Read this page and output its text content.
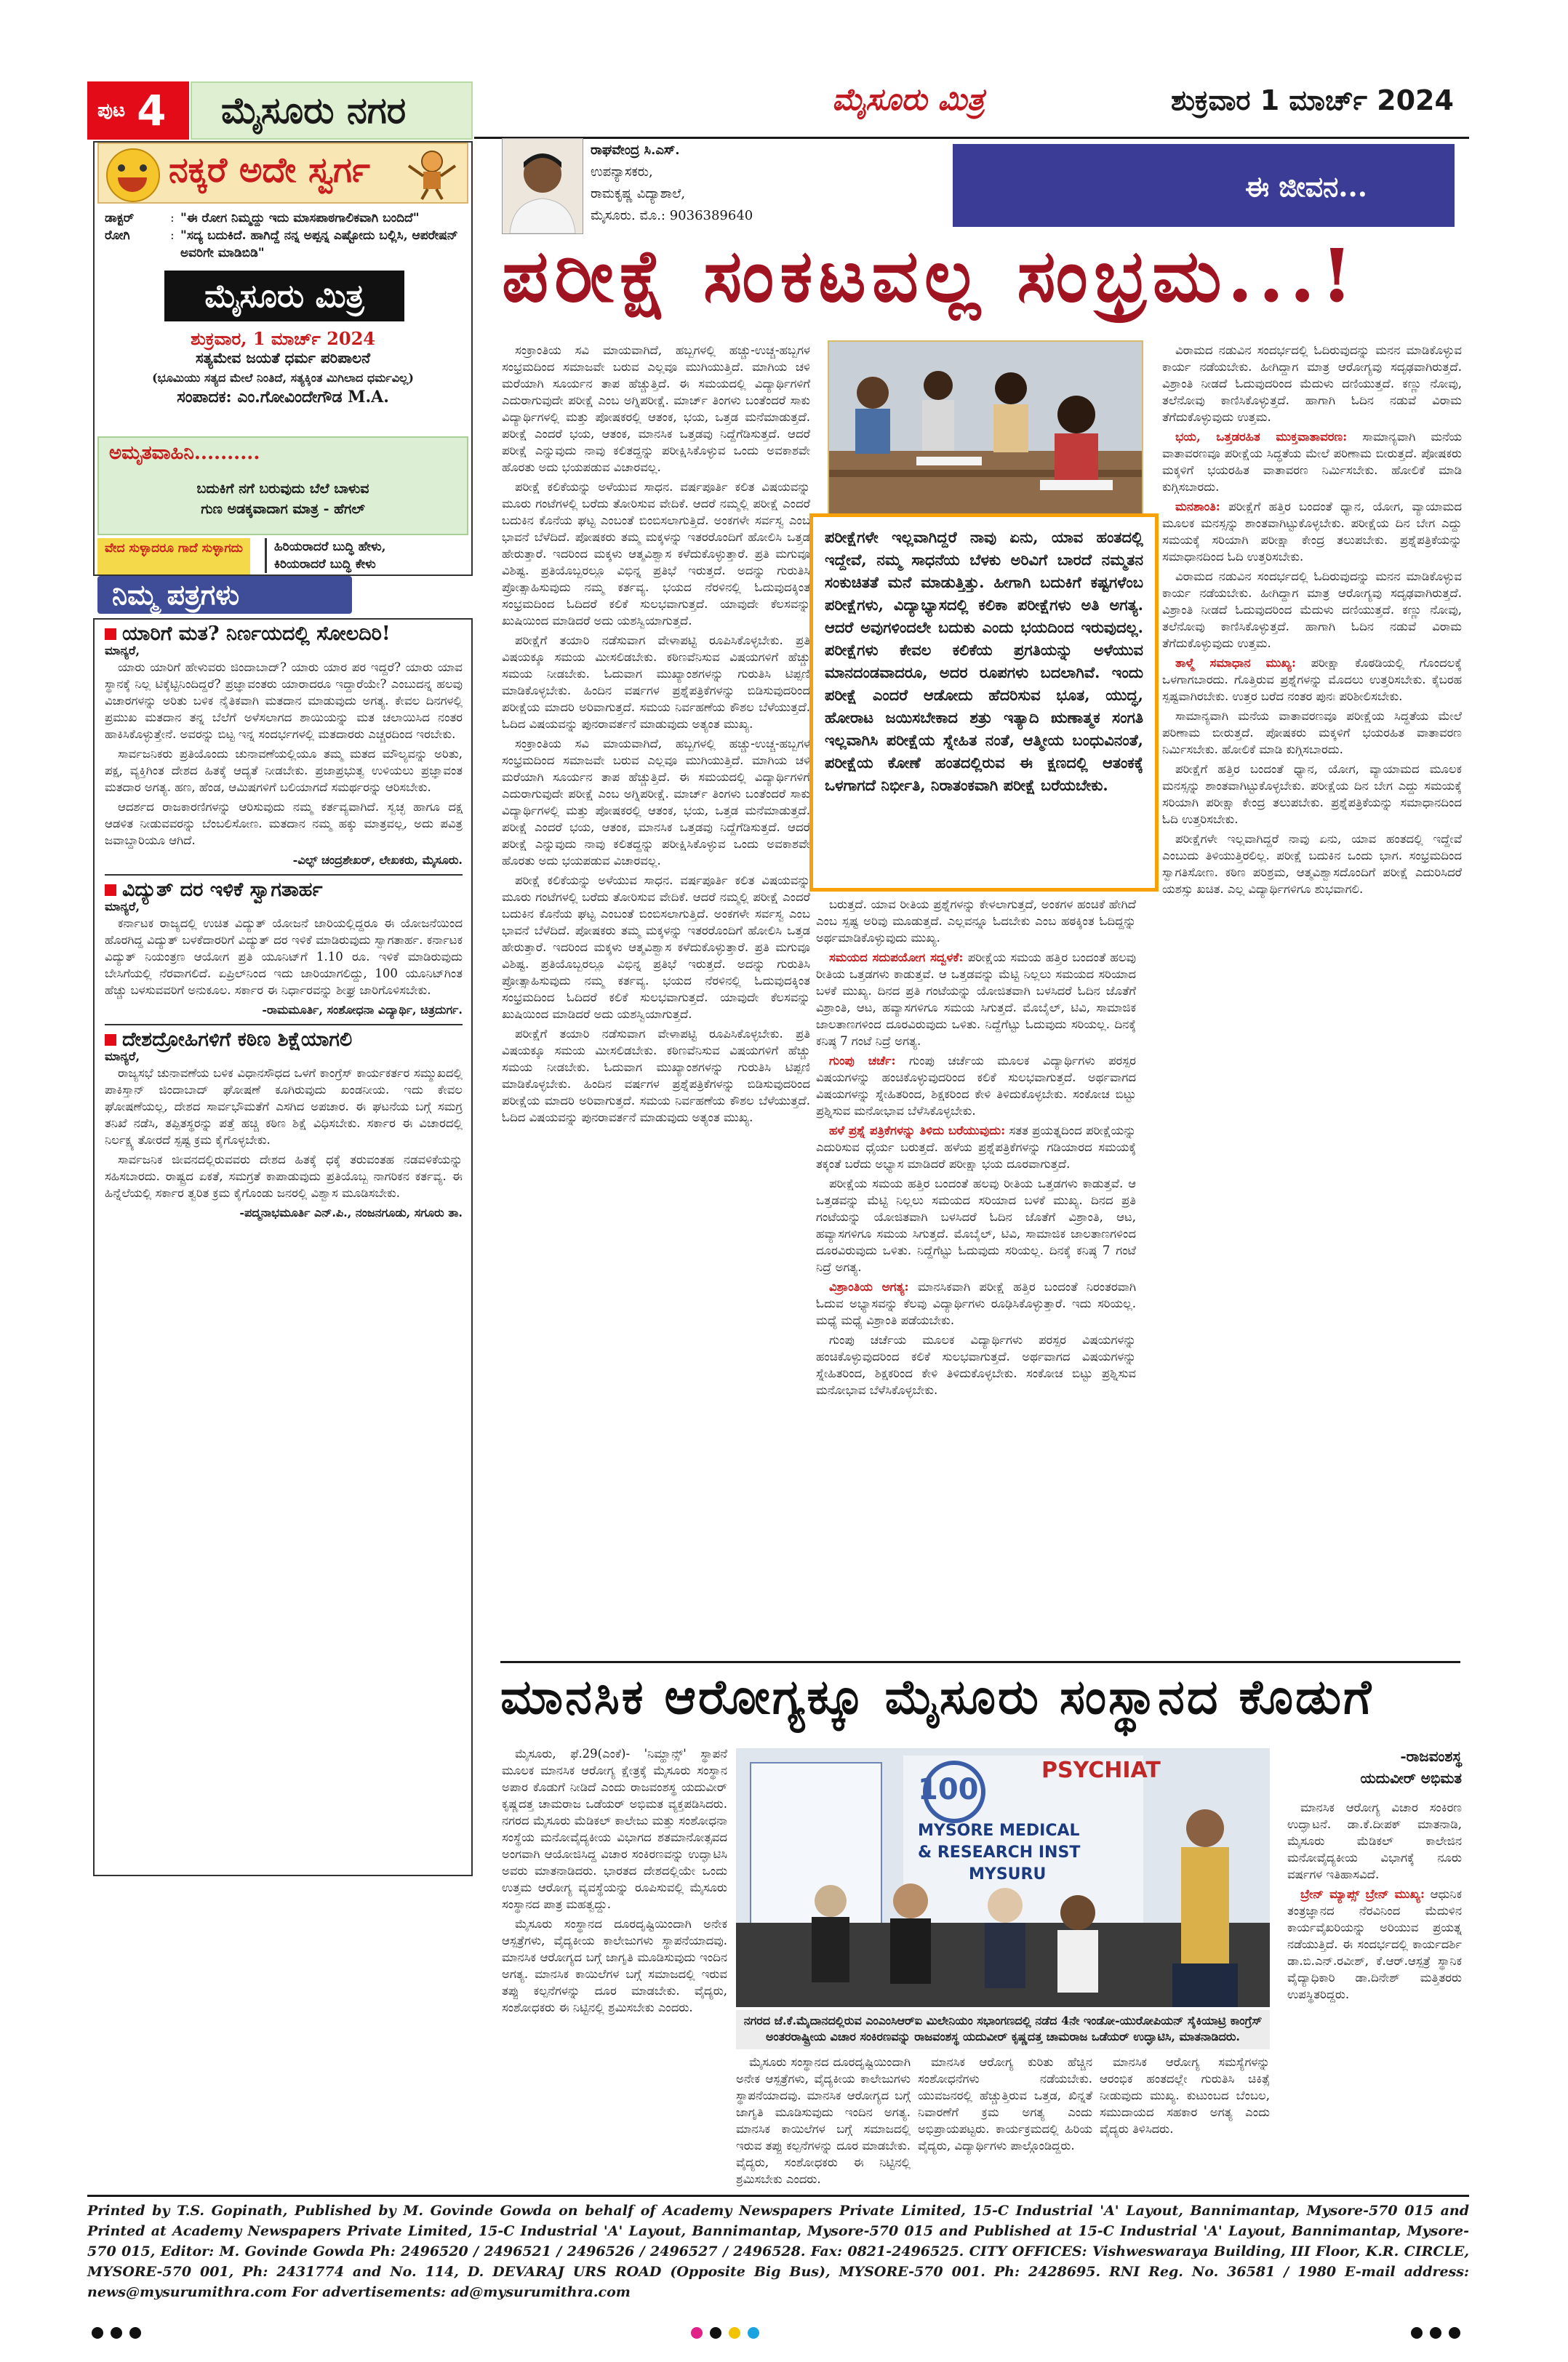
ಪುಟ 4	ಮೈಸೂರು ನಗರ	ಮೈಸೂರು ಮಿತ್ರ	ಶುಕ್ರವಾರ 1 ಮಾರ್ಚ್ 2024
ನಕ್ಕರೆ ಅದೇ ಸ್ವರ್ಗ
ಡಾಕ್ಟರ್	: "ಈ ರೋಗ ನಿಮ್ಮದ್ದು ಇದು ಮಾಸಪಾಠಗಾಲಿಕವಾಗಿ ಬಂದಿದೆ"
ರೋಗಿ	: "ಸದ್ಯ ಬದುಕಿದೆ. ಹಾಗಿದ್ದೆ ನನ್ನ ಅಪ್ಪನ್ನ ಎಷ್ಟೋದು ಬಲ್ಲಿ‌ಸಿ, ಆಪರೇಷನ್ ಅವರಿಗೇ ಮಾಡಿಬಿಡಿ"
ಮೈಸೂರು ಮಿತ್ರ
ಶುಕ್ರವಾರ, 1 ಮಾರ್ಚ್ 2024
ಸತ್ಯಮೇವ ಜಯತೆ ಧರ್ಮ ಪರಿಪಾಲನೆ
(ಭೂಮಿಯು ಸತ್ಯದ ಮೇಲೆ ನಿಂತಿದೆ, ಸತ್ಯಕ್ಕಿಂತ ಮಿಗಿಲಾದ ಧರ್ಮವಿಲ್ಲ)
ಸಂಪಾದಕ: ಎಂ.ಗೋವಿಂದೇಗೌಡ M.A.
ಅಮೃತವಾಹಿನಿ..........
ಬದುಕಿಗೆ ನಗೆ ಬರುವುದು ಬೆಲೆ ಬಾಳುವ
ಗುಣ ಅಡಕ್ಕವಾದಾಗ ಮಾತ್ರ - ಹೆಗಲ್
ವೇದ ಸುಳ್ಳಾದರೂ ಗಾದೆ ಸುಳ್ಳಾಗದು	ಹಿರಿಯರಾದರೆ ಬುದ್ಧಿ ಹೇಳು,
ಕಿರಿಯರಾದರೆ ಬುದ್ಧಿ ಕೇಳು
ನಿಮ್ಮ ಪತ್ರಗಳು
ಯಾರಿಗೆ ಮತ? ನಿರ್ಣಯದಲ್ಲಿ ಸೋಲದಿರಿ!
ಮಾನ್ಯರೆ,

ಯಾರು ಯಾರಿಗೆ ಹೇಳುವರು ಜಿಂದಾಬಾದ್? ಯಾರು ಯಾರ ಪರ ಇದ್ದರೆ? ಯಾರು ಯಾವ ಸ್ಥಾನಕ್ಕೆ ನಿಲ್ಲ ಟಿಕ್ಕೆಟ್ಟಿನಿಂದಿದ್ದರೆ? ಪ್ರಜ್ಞಾವಂತರು ಯಾರಾದರೂ ಇದ್ದಾರೆಯೇ? ಎಂಬುದನ್ನ ಹಲವು ವಿಚಾರಗಳನ್ನು ಅರಿತು ಬಳಿಕ ನೈತಿಕವಾಗಿ ಮತದಾನ ಮಾಡುವುದು ಅಗತ್ಯ. ಕೇವಲ ದಿನಗಳಲ್ಲಿ ಪ್ರಮುಖ ಮತದಾನ ತನ್ನ ಬೆಲೆಗೆ ಅಳೆಸಲಾಗದ ಶಾಯಿಯನ್ನು ಮತ ಚಲಾಯಿಸಿದ ನಂತರ ಹಾಕಿಸಿಕೊಳ್ಳುತ್ತೇನೆ. ಅವರನ್ನು ಬಿಟ್ಟ ಇನ್ನ ಸಂದರ್ಭಗಳಲ್ಲಿ ಮತದಾರರು ಎಚ್ಚರದಿಂದ ಇರಬೇಕು.

ಸಾರ್ವಜನಿಕರು ಪ್ರತಿಯೊಂದು ಚುನಾವಣೆಯಲ್ಲಿಯೂ ತಮ್ಮ ಮತದ ಮೌಲ್ಯವನ್ನು ಅರಿತು, ಪಕ್ಷ, ವ್ಯಕ್ತಿಗಿಂತ ದೇಶದ ಹಿತಕ್ಕೆ ಆದ್ಯತೆ ನೀಡಬೇಕು. ಪ್ರಜಾಪ್ರಭುತ್ವ ಉಳಿಯಲು ಪ್ರಜ್ಞಾವಂತ ಮತದಾರ ಅಗತ್ಯ. ಹಣ, ಹೆಂಡ, ಆಮಿಷಗಳಿಗೆ ಬಲಿಯಾಗದೆ ಸಮರ್ಥರನ್ನು ಆರಿಸಬೇಕು.

ಆದರ್ಶದ ರಾಜಕಾರಣಿಗಳನ್ನು ಆರಿಸುವುದು ನಮ್ಮ ಕರ್ತವ್ಯವಾಗಿದೆ. ಸ್ವಚ್ಛ ಹಾಗೂ ದಕ್ಷ ಆಡಳಿತ ನೀಡುವವರನ್ನು ಬೆಂಬಲಿಸೋಣ. ಮತದಾನ ನಮ್ಮ ಹಕ್ಕು ಮಾತ್ರವಲ್ಲ, ಅದು ಪವಿತ್ರ ಜವಾಬ್ದಾರಿಯೂ ಆಗಿದೆ.

-ವಿಲ್ಫ್ ಚಂದ್ರಶೇಖರ್, ಲೇಖಕರು, ಮೈಸೂರು.
ವಿದ್ಯುತ್ ದರ ಇಳಿಕೆ ಸ್ವಾಗತಾರ್ಹ
ಮಾನ್ಯರೆ,

ಕರ್ನಾಟಕ ರಾಜ್ಯದಲ್ಲಿ ಉಚಿತ ವಿದ್ಯುತ್ ಯೋಜನೆ ಜಾರಿಯಲ್ಲಿದ್ದರೂ ಈ ಯೋಜನೆಯಿಂದ ಹೊರಗಿದ್ದ ವಿದ್ಯುತ್ ಬಳಕೆದಾರರಿಗೆ ವಿದ್ಯುತ್ ದರ ಇಳಿಕೆ ಮಾಡಿರುವುದು ಸ್ವಾಗತಾರ್ಹ. ಕರ್ನಾಟಕ ವಿದ್ಯುತ್ ನಿಯಂತ್ರಣ ಆಯೋಗ ಪ್ರತಿ ಯೂನಿಟ್‌ಗೆ 1.10 ರೂ. ಇಳಿಕೆ ಮಾಡಿರುವುದು ಬೇಸಿಗೆಯಲ್ಲಿ ನೆರವಾಗಲಿದೆ. ಏಪ್ರಿಲ್‌ನಿಂದ ಇದು ಜಾರಿಯಾಗಲಿದ್ದು, 100 ಯೂನಿಟ್‌ಗಿಂತ ಹೆಚ್ಚು ಬಳಸುವವರಿಗೆ ಅನುಕೂಲ. ಸರ್ಕಾರ ಈ ನಿರ್ಧಾರವನ್ನು ಶೀಘ್ರ ಜಾರಿಗೊಳಿಸಬೇಕು.

-ರಾಮಮೂರ್ತಿ, ಸಂಶೋಧನಾ ವಿದ್ಯಾರ್ಥಿ, ಚಿತ್ರದುರ್ಗ.
ದೇಶದ್ರೋಹಿಗಳಿಗೆ ಕಠಿಣ ಶಿಕ್ಷೆಯಾಗಲಿ
ಮಾನ್ಯರೆ,

ರಾಜ್ಯಸಭೆ ಚುನಾವಣೆಯ ಬಳಿಕ ವಿಧಾನಸೌಧದ ಒಳಗೆ ಕಾಂಗ್ರೆಸ್ ಕಾರ್ಯಕರ್ತರ ಸಮ್ಮುಖದಲ್ಲಿ ಪಾಕಿಸ್ತಾನ್ ಜಿಂದಾಬಾದ್ ಘೋಷಣೆ ಕೂಗಿರುವುದು ಖಂಡನೀಯ. ಇದು ಕೇವಲ ಘೋಷಣೆಯಲ್ಲ, ದೇಶದ ಸಾರ್ವಭೌಮತೆಗೆ ಎಸಗಿದ ಅಪಚಾರ. ಈ ಘಟನೆಯ ಬಗ್ಗೆ ಸಮಗ್ರ ತನಿಖೆ ನಡೆಸಿ, ತಪ್ಪಿತಸ್ಥರನ್ನು ಪತ್ತೆ ಹಚ್ಚಿ ಕಠಿಣ ಶಿಕ್ಷೆ ವಿಧಿಸಬೇಕು. ಸರ್ಕಾರ ಈ ವಿಚಾರದಲ್ಲಿ ನಿರ್ಲಕ್ಷ್ಯ ತೋರದೆ ಸ್ಪಷ್ಟ ಕ್ರಮ ಕೈಗೊಳ್ಳಬೇಕು.

ಸಾರ್ವಜನಿಕ ಜೀವನದಲ್ಲಿರುವವರು ದೇಶದ ಹಿತಕ್ಕೆ ಧಕ್ಕೆ ತರುವಂತಹ ನಡವಳಿಕೆಯನ್ನು ಸಹಿಸಬಾರದು. ರಾಷ್ಟ್ರದ ಏಕತೆ, ಸಮಗ್ರತೆ ಕಾಪಾಡುವುದು ಪ್ರತಿಯೊಬ್ಬ ನಾಗರಿಕನ ಕರ್ತವ್ಯ. ಈ ಹಿನ್ನೆಲೆಯಲ್ಲಿ ಸರ್ಕಾರ ತ್ವರಿತ ಕ್ರಮ ಕೈಗೊಂಡು ಜನರಲ್ಲಿ ವಿಶ್ವಾಸ ಮೂಡಿಸಬೇಕು.

-ಪದ್ಮನಾಭಮೂರ್ತಿ ಎನ್.ಪಿ., ನಂಜನಗೂಡು, ಸಗೂರು ತಾ.
ರಾಘವೇಂದ್ರ ಸಿ.ಎಸ್.
ಉಪನ್ಯಾಸಕರು,
ರಾಮಕೃಷ್ಣ ವಿದ್ಯಾಶಾಲೆ,
ಮೈಸೂರು. ಮೊ.: 9036389640
ಈ ಜೀವನ...
ಪರೀಕ್ಷೆ ಸಂಕಟವಲ್ಲ ಸಂಭ್ರಮ...!

ಸಂಕ್ರಾಂತಿಯ ಸವಿ ಮಾಯವಾಗಿದೆ, ಹಬ್ಬಗಳಲ್ಲಿ ಹಚ್ಚು-ಉಚ್ಚ-ಹಬ್ಬಗಳ ಸಂಭ್ರಮದಿಂದ ಸಮಾಜವೇ ಬರುವ ಎಲ್ಲವೂ ಮುಗಿಯುತ್ತಿದೆ. ಮಾಗಿಯ ಚಳಿ ಮರೆಯಾಗಿ ಸೂರ್ಯನ ತಾಪ ಹೆಚ್ಚುತ್ತಿದೆ. ಈ ಸಮಯದಲ್ಲಿ ವಿದ್ಯಾರ್ಥಿಗಳಿಗೆ ಎದುರಾಗುವುದೇ ಪರೀಕ್ಷೆ ಎಂಬ ಅಗ್ನಿಪರೀಕ್ಷೆ. ಮಾರ್ಚ್ ತಿಂಗಳು ಬಂತೆಂದರೆ ಸಾಕು ವಿದ್ಯಾರ್ಥಿಗಳಲ್ಲಿ ಮತ್ತು ಪೋಷಕರಲ್ಲಿ ಆತಂಕ, ಭಯ, ಒತ್ತಡ ಮನೆಮಾಡುತ್ತದೆ. ಪರೀಕ್ಷೆ ಎಂದರೆ ಭಯ, ಆತಂಕ, ಮಾನಸಿಕ ಒತ್ತಡವು ನಿದ್ದೆಗೆಡಿಸುತ್ತದೆ. ಆದರೆ ಪರೀಕ್ಷೆ ಎನ್ನುವುದು ನಾವು ಕಲಿತದ್ದನ್ನು ಪರೀಕ್ಷಿಸಿಕೊಳ್ಳುವ ಒಂದು ಅವಕಾಶವೇ ಹೊರತು ಅದು ಭಯಪಡುವ ವಿಚಾರವಲ್ಲ.

ಪರೀಕ್ಷೆ ಕಲಿಕೆಯನ್ನು ಅಳೆಯುವ ಸಾಧನ. ವರ್ಷಪೂರ್ತಿ ಕಲಿತ ವಿಷಯವನ್ನು ಮೂರು ಗಂಟೆಗಳಲ್ಲಿ ಬರೆದು ತೋರಿಸುವ ವೇದಿಕೆ. ಆದರೆ ನಮ್ಮಲ್ಲಿ ಪರೀಕ್ಷೆ ಎಂದರೆ ಬದುಕಿನ ಕೊನೆಯ ಘಟ್ಟ ಎಂಬಂತೆ ಬಿಂಬಿಸಲಾಗುತ್ತಿದೆ. ಅಂಕಗಳೇ ಸರ್ವಸ್ವ ಎಂಬ ಭಾವನೆ ಬೆಳೆದಿದೆ. ಪೋಷಕರು ತಮ್ಮ ಮಕ್ಕಳನ್ನು ಇತರರೊಂದಿಗೆ ಹೋಲಿಸಿ ಒತ್ತಡ ಹೇರುತ್ತಾರೆ. ಇದರಿಂದ ಮಕ್ಕಳು ಆತ್ಮವಿಶ್ವಾಸ ಕಳೆದುಕೊಳ್ಳುತ್ತಾರೆ. ಪ್ರತಿ ಮಗುವೂ ವಿಶಿಷ್ಟ. ಪ್ರತಿಯೊಬ್ಬರಲ್ಲೂ ವಿಭಿನ್ನ ಪ್ರತಿಭೆ ಇರುತ್ತದೆ. ಅದನ್ನು ಗುರುತಿಸಿ ಪ್ರೋತ್ಸಾಹಿಸುವುದು ನಮ್ಮ ಕರ್ತವ್ಯ. ಭಯದ ನೆರಳಿನಲ್ಲಿ ಓದುವುದಕ್ಕಿಂತ ಸಂಭ್ರಮದಿಂದ ಓದಿದರೆ ಕಲಿಕೆ ಸುಲಭವಾಗುತ್ತದೆ. ಯಾವುದೇ ಕೆಲಸವನ್ನು ಖುಷಿಯಿಂದ ಮಾಡಿದರೆ ಅದು ಯಶಸ್ವಿಯಾಗುತ್ತದೆ.

ಪರೀಕ್ಷೆಗೆ ತಯಾರಿ ನಡೆಸುವಾಗ ವೇಳಾಪಟ್ಟಿ ರೂಪಿಸಿಕೊಳ್ಳಬೇಕು. ಪ್ರತಿ ವಿಷಯಕ್ಕೂ ಸಮಯ ಮೀಸಲಿಡಬೇಕು. ಕಠಿಣವೆನಿಸುವ ವಿಷಯಗಳಿಗೆ ಹೆಚ್ಚು ಸಮಯ ನೀಡಬೇಕು. ಓದುವಾಗ ಮುಖ್ಯಾಂಶಗಳನ್ನು ಗುರುತಿಸಿ ಟಿಪ್ಪಣಿ ಮಾಡಿಕೊಳ್ಳಬೇಕು. ಹಿಂದಿನ ವರ್ಷಗಳ ಪ್ರಶ್ನೆಪತ್ರಿಕೆಗಳನ್ನು ಬಿಡಿಸುವುದರಿಂದ ಪರೀಕ್ಷೆಯ ಮಾದರಿ ಅರಿವಾಗುತ್ತದೆ. ಸಮಯ ನಿರ್ವಹಣೆಯ ಕೌಶಲ ಬೆಳೆಯುತ್ತದೆ. ಓದಿದ ವಿಷಯವನ್ನು ಪುನರಾವರ್ತನೆ ಮಾಡುವುದು ಅತ್ಯಂತ ಮುಖ್ಯ.

ಸಂಕ್ರಾಂತಿಯ ಸವಿ ಮಾಯವಾಗಿದೆ, ಹಬ್ಬಗಳಲ್ಲಿ ಹಚ್ಚು-ಉಚ್ಚ-ಹಬ್ಬಗಳ ಸಂಭ್ರಮದಿಂದ ಸಮಾಜವೇ ಬರುವ ಎಲ್ಲವೂ ಮುಗಿಯುತ್ತಿದೆ. ಮಾಗಿಯ ಚಳಿ ಮರೆಯಾಗಿ ಸೂರ್ಯನ ತಾಪ ಹೆಚ್ಚುತ್ತಿದೆ. ಈ ಸಮಯದಲ್ಲಿ ವಿದ್ಯಾರ್ಥಿಗಳಿಗೆ ಎದುರಾಗುವುದೇ ಪರೀಕ್ಷೆ ಎಂಬ ಅಗ್ನಿಪರೀಕ್ಷೆ. ಮಾರ್ಚ್ ತಿಂಗಳು ಬಂತೆಂದರೆ ಸಾಕು ವಿದ್ಯಾರ್ಥಿಗಳಲ್ಲಿ ಮತ್ತು ಪೋಷಕರಲ್ಲಿ ಆತಂಕ, ಭಯ, ಒತ್ತಡ ಮನೆಮಾಡುತ್ತದೆ. ಪರೀಕ್ಷೆ ಎಂದರೆ ಭಯ, ಆತಂಕ, ಮಾನಸಿಕ ಒತ್ತಡವು ನಿದ್ದೆಗೆಡಿಸುತ್ತದೆ. ಆದರೆ ಪರೀಕ್ಷೆ ಎನ್ನುವುದು ನಾವು ಕಲಿತದ್ದನ್ನು ಪರೀಕ್ಷಿಸಿಕೊಳ್ಳುವ ಒಂದು ಅವಕಾಶವೇ ಹೊರತು ಅದು ಭಯಪಡುವ ವಿಚಾರವಲ್ಲ.

ಪರೀಕ್ಷೆ ಕಲಿಕೆಯನ್ನು ಅಳೆಯುವ ಸಾಧನ. ವರ್ಷಪೂರ್ತಿ ಕಲಿತ ವಿಷಯವನ್ನು ಮೂರು ಗಂಟೆಗಳಲ್ಲಿ ಬರೆದು ತೋರಿಸುವ ವೇದಿಕೆ. ಆದರೆ ನಮ್ಮಲ್ಲಿ ಪರೀಕ್ಷೆ ಎಂದರೆ ಬದುಕಿನ ಕೊನೆಯ ಘಟ್ಟ ಎಂಬಂತೆ ಬಿಂಬಿಸಲಾಗುತ್ತಿದೆ. ಅಂಕಗಳೇ ಸರ್ವಸ್ವ ಎಂಬ ಭಾವನೆ ಬೆಳೆದಿದೆ. ಪೋಷಕರು ತಮ್ಮ ಮಕ್ಕಳನ್ನು ಇತರರೊಂದಿಗೆ ಹೋಲಿಸಿ ಒತ್ತಡ ಹೇರುತ್ತಾರೆ. ಇದರಿಂದ ಮಕ್ಕಳು ಆತ್ಮವಿಶ್ವಾಸ ಕಳೆದುಕೊಳ್ಳುತ್ತಾರೆ. ಪ್ರತಿ ಮಗುವೂ ವಿಶಿಷ್ಟ. ಪ್ರತಿಯೊಬ್ಬರಲ್ಲೂ ವಿಭಿನ್ನ ಪ್ರತಿಭೆ ಇರುತ್ತದೆ. ಅದನ್ನು ಗುರುತಿಸಿ ಪ್ರೋತ್ಸಾಹಿಸುವುದು ನಮ್ಮ ಕರ್ತವ್ಯ. ಭಯದ ನೆರಳಿನಲ್ಲಿ ಓದುವುದಕ್ಕಿಂತ ಸಂಭ್ರಮದಿಂದ ಓದಿದರೆ ಕಲಿಕೆ ಸುಲಭವಾಗುತ್ತದೆ. ಯಾವುದೇ ಕೆಲಸವನ್ನು ಖುಷಿಯಿಂದ ಮಾಡಿದರೆ ಅದು ಯಶಸ್ವಿಯಾಗುತ್ತದೆ.

ಪರೀಕ್ಷೆಗೆ ತಯಾರಿ ನಡೆಸುವಾಗ ವೇಳಾಪಟ್ಟಿ ರೂಪಿಸಿಕೊಳ್ಳಬೇಕು. ಪ್ರತಿ ವಿಷಯಕ್ಕೂ ಸಮಯ ಮೀಸಲಿಡಬೇಕು. ಕಠಿಣವೆನಿಸುವ ವಿಷಯಗಳಿಗೆ ಹೆಚ್ಚು ಸಮಯ ನೀಡಬೇಕು. ಓದುವಾಗ ಮುಖ್ಯಾಂಶಗಳನ್ನು ಗುರುತಿಸಿ ಟಿಪ್ಪಣಿ ಮಾಡಿಕೊಳ್ಳಬೇಕು. ಹಿಂದಿನ ವರ್ಷಗಳ ಪ್ರಶ್ನೆಪತ್ರಿಕೆಗಳನ್ನು ಬಿಡಿಸುವುದರಿಂದ ಪರೀಕ್ಷೆಯ ಮಾದರಿ ಅರಿವಾಗುತ್ತದೆ. ಸಮಯ ನಿರ್ವಹಣೆಯ ಕೌಶಲ ಬೆಳೆಯುತ್ತದೆ. ಓದಿದ ವಿಷಯವನ್ನು ಪುನರಾವರ್ತನೆ ಮಾಡುವುದು ಅತ್ಯಂತ ಮುಖ್ಯ.

ಪರೀಕ್ಷೆಗಳೇ ಇಲ್ಲವಾಗಿದ್ದರೆ ನಾವು ಏನು, ಯಾವ ಹಂತದಲ್ಲಿ ಇದ್ದೇವೆ, ನಮ್ಮ ಸಾಧನೆಯ ಬೆಳಕು ಅರಿವಿಗೆ ಬಾರದೆ ನಮ್ಮತನ ಸಂಕುಚಿತತೆ ಮನೆ ಮಾಡುತ್ತಿತ್ತು. ಹೀಗಾಗಿ ಬದುಕಿಗೆ ಕಷ್ಟಗಳೆಂಬ ಪರೀಕ್ಷೆಗಳು, ವಿದ್ಯಾಭ್ಯಾಸದಲ್ಲಿ ಕಲಿಕಾ ಪರೀಕ್ಷೆಗಳು ಅತಿ ಅಗತ್ಯ. ಆದರೆ ಅವುಗಳಿಂದಲೇ ಬದುಕು ಎಂದು ಭಯದಿಂದ ಇರುವುದಲ್ಲ. ಪರೀಕ್ಷೆಗಳು ಕೇವಲ ಕಲಿಕೆಯ ಪ್ರಗತಿಯನ್ನು ಅಳೆಯುವ ಮಾನದಂಡವಾದರೂ, ಅದರ ರೂಪಗಳು ಬದಲಾಗಿವೆ. ಇಂದು ಪರೀಕ್ಷೆ ಎಂದರೆ ಆಡೋದು ಹೆದರಿಸುವ ಭೂತ, ಯುದ್ಧ, ಹೋರಾಟ ಜಯಿಸಬೇಕಾದ ಶತ್ರು ಇತ್ಯಾದಿ ಋಣಾತ್ಮಕ ಸಂಗತಿ ಇಲ್ಲವಾಗಿಸಿ ಪರೀಕ್ಷೆಯ ಸ್ನೇಹಿತ ನಂತೆ, ಆತ್ಮೀಯ ಬಂಧುವಿನಂತೆ, ಪರೀಕ್ಷೆಯ ಕೋಣೆ ಹಂತದಲ್ಲಿರುವ ಈ ಕ್ಷಣದಲ್ಲಿ ಆತಂಕಕ್ಕೆ ಒಳಗಾಗದೆ ನಿರ್ಭೀತಿ, ನಿರಾತಂಕವಾಗಿ ಪರೀಕ್ಷೆ ಬರೆಯಬೇಕು.

ಬರುತ್ತದೆ. ಯಾವ ರೀತಿಯ ಪ್ರಶ್ನೆಗಳನ್ನು ಕೇಳಲಾಗುತ್ತದೆ, ಅಂಕಗಳ ಹಂಚಿಕೆ ಹೇಗಿದೆ ಎಂಬ ಸ್ಪಷ್ಟ ಅರಿವು ಮೂಡುತ್ತದೆ. ಎಲ್ಲವನ್ನೂ ಓದಬೇಕು ಎಂಬ ಹಠಕ್ಕಿಂತ ಓದಿದ್ದನ್ನು ಅರ್ಥಮಾಡಿಕೊಳ್ಳುವುದು ಮುಖ್ಯ.

ಸಮಯದ ಸದುಪಯೋಗ ಸದ್ವಳಕೆ: ಪರೀಕ್ಷೆಯ ಸಮಯ ಹತ್ತಿರ ಬಂದಂತೆ ಹಲವು ರೀತಿಯ ಒತ್ತಡಗಳು ಕಾಡುತ್ತವೆ. ಆ ಒತ್ತಡವನ್ನು ಮೆಟ್ಟಿ ನಿಲ್ಲಲು ಸಮಯದ ಸರಿಯಾದ ಬಳಕೆ ಮುಖ್ಯ. ದಿನದ ಪ್ರತಿ ಗಂಟೆಯನ್ನು ಯೋಜಿತವಾಗಿ ಬಳಸಿದರೆ ಓದಿನ ಜೊತೆಗೆ ವಿಶ್ರಾಂತಿ, ಆಟ, ಹವ್ಯಾಸಗಳಿಗೂ ಸಮಯ ಸಿಗುತ್ತದೆ. ಮೊಬೈಲ್, ಟಿವಿ, ಸಾಮಾಜಿಕ ಜಾಲತಾಣಗಳಿಂದ ದೂರವಿರುವುದು ಒಳಿತು. ನಿದ್ದೆಗೆಟ್ಟು ಓದುವುದು ಸರಿಯಲ್ಲ. ದಿನಕ್ಕೆ ಕನಿಷ್ಠ 7 ಗಂಟೆ ನಿದ್ರೆ ಅಗತ್ಯ.

ಗುಂಪು ಚರ್ಚೆ: ಗುಂಪು ಚರ್ಚೆಯ ಮೂಲಕ ವಿದ್ಯಾರ್ಥಿಗಳು ಪರಸ್ಪರ ವಿಷಯಗಳನ್ನು ಹಂಚಿಕೊಳ್ಳುವುದರಿಂದ ಕಲಿಕೆ ಸುಲಭವಾಗುತ್ತದೆ. ಅರ್ಥವಾಗದ ವಿಷಯಗಳನ್ನು ಸ್ನೇಹಿತರಿಂದ, ಶಿಕ್ಷಕರಿಂದ ಕೇಳಿ ತಿಳಿದುಕೊಳ್ಳಬೇಕು. ಸಂಕೋಚ ಬಿಟ್ಟು ಪ್ರಶ್ನಿಸುವ ಮನೋಭಾವ ಬೆಳೆಸಿಕೊಳ್ಳಬೇಕು.

ಹಳೆ ಪ್ರಶ್ನೆ ಪತ್ರಿಕೆಗಳನ್ನು ತಿಳಿದು ಬರೆಯುವುದು: ಸತತ ಪ್ರಯತ್ನದಿಂದ ಪರೀಕ್ಷೆಯನ್ನು ಎದುರಿಸುವ ಧೈರ್ಯ ಬರುತ್ತದೆ. ಹಳೆಯ ಪ್ರಶ್ನೆಪತ್ರಿಕೆಗಳನ್ನು ಗಡಿಯಾರದ ಸಮಯಕ್ಕೆ ತಕ್ಕಂತೆ ಬರೆದು ಅಭ್ಯಾಸ ಮಾಡಿದರೆ ಪರೀಕ್ಷಾ ಭಯ ದೂರವಾಗುತ್ತದೆ.

ಪರೀಕ್ಷೆಯ ಸಮಯ ಹತ್ತಿರ ಬಂದಂತೆ ಹಲವು ರೀತಿಯ ಒತ್ತಡಗಳು ಕಾಡುತ್ತವೆ. ಆ ಒತ್ತಡವನ್ನು ಮೆಟ್ಟಿ ನಿಲ್ಲಲು ಸಮಯದ ಸರಿಯಾದ ಬಳಕೆ ಮುಖ್ಯ. ದಿನದ ಪ್ರತಿ ಗಂಟೆಯನ್ನು ಯೋಜಿತವಾಗಿ ಬಳಸಿದರೆ ಓದಿನ ಜೊತೆಗೆ ವಿಶ್ರಾಂತಿ, ಆಟ, ಹವ್ಯಾಸಗಳಿಗೂ ಸಮಯ ಸಿಗುತ್ತದೆ. ಮೊಬೈಲ್, ಟಿವಿ, ಸಾಮಾಜಿಕ ಜಾಲತಾಣಗಳಿಂದ ದೂರವಿರುವುದು ಒಳಿತು. ನಿದ್ದೆಗೆಟ್ಟು ಓದುವುದು ಸರಿಯಲ್ಲ. ದಿನಕ್ಕೆ ಕನಿಷ್ಠ 7 ಗಂಟೆ ನಿದ್ರೆ ಅಗತ್ಯ.

ವಿಶ್ರಾಂತಿಯ ಅಗತ್ಯ: ಮಾನಸಿಕವಾಗಿ ಪರೀಕ್ಷೆ ಹತ್ತಿರ ಬಂದಂತೆ ನಿರಂತರವಾಗಿ ಓದುವ ಅಭ್ಯಾಸವನ್ನು ಕೆಲವು ವಿದ್ಯಾರ್ಥಿಗಳು ರೂಢಿಸಿಕೊಳ್ಳುತ್ತಾರೆ. ಇದು ಸರಿಯಲ್ಲ. ಮಧ್ಯೆ ಮಧ್ಯೆ ವಿಶ್ರಾಂತಿ ಪಡೆಯಬೇಕು.

ಗುಂಪು ಚರ್ಚೆಯ ಮೂಲಕ ವಿದ್ಯಾರ್ಥಿಗಳು ಪರಸ್ಪರ ವಿಷಯಗಳನ್ನು ಹಂಚಿಕೊಳ್ಳುವುದರಿಂದ ಕಲಿಕೆ ಸುಲಭವಾಗುತ್ತದೆ. ಅರ್ಥವಾಗದ ವಿಷಯಗಳನ್ನು ಸ್ನೇಹಿತರಿಂದ, ಶಿಕ್ಷಕರಿಂದ ಕೇಳಿ ತಿಳಿದುಕೊಳ್ಳಬೇಕು. ಸಂಕೋಚ ಬಿಟ್ಟು ಪ್ರಶ್ನಿಸುವ ಮನೋಭಾವ ಬೆಳೆಸಿಕೊಳ್ಳಬೇಕು.

ವಿರಾಮದ ನಡುವಿನ ಸಂದರ್ಭದಲ್ಲಿ ಓದಿರುವುದನ್ನು ಮನನ ಮಾಡಿಕೊಳ್ಳುವ ಕಾರ್ಯ ನಡೆಯಬೇಕು. ಹೀಗಿದ್ದಾಗ ಮಾತ್ರ ಆರೋಗ್ಯವು ಸದೃಢವಾಗಿರುತ್ತದೆ. ವಿಶ್ರಾಂತಿ ನೀಡದೆ ಓದುವುದರಿಂದ ಮೆದುಳು ದಣಿಯುತ್ತದೆ. ಕಣ್ಣು ನೋವು, ತಲೆನೋವು ಕಾಣಿಸಿಕೊಳ್ಳುತ್ತದೆ. ಹಾಗಾಗಿ ಓದಿನ ನಡುವೆ ವಿರಾಮ ತೆಗೆದುಕೊಳ್ಳುವುದು ಉತ್ತಮ.

ಭಯ, ಒತ್ತಡರಹಿತ ಮುಕ್ತವಾತಾವರಣ: ಸಾಮಾನ್ಯವಾಗಿ ಮನೆಯ ವಾತಾವರಣವೂ ಪರೀಕ್ಷೆಯ ಸಿದ್ಧತೆಯ ಮೇಲೆ ಪರಿಣಾಮ ಬೀರುತ್ತದೆ. ಪೋಷಕರು ಮಕ್ಕಳಿಗೆ ಭಯರಹಿತ ವಾತಾವರಣ ನಿರ್ಮಿಸಬೇಕು. ಹೋಲಿಕೆ ಮಾಡಿ ಕುಗ್ಗಿಸಬಾರದು.

ಮನಶಾಂತಿ: ಪರೀಕ್ಷೆಗೆ ಹತ್ತಿರ ಬಂದಂತೆ ಧ್ಯಾನ, ಯೋಗ, ವ್ಯಾಯಾಮದ ಮೂಲಕ ಮನಸ್ಸನ್ನು ಶಾಂತವಾಗಿಟ್ಟುಕೊಳ್ಳಬೇಕು. ಪರೀಕ್ಷೆಯ ದಿನ ಬೇಗ ಎದ್ದು ಸಮಯಕ್ಕೆ ಸರಿಯಾಗಿ ಪರೀಕ್ಷಾ ಕೇಂದ್ರ ತಲುಪಬೇಕು. ಪ್ರಶ್ನೆಪತ್ರಿಕೆಯನ್ನು ಸಮಾಧಾನದಿಂದ ಓದಿ ಉತ್ತರಿಸಬೇಕು.

ವಿರಾಮದ ನಡುವಿನ ಸಂದರ್ಭದಲ್ಲಿ ಓದಿರುವುದನ್ನು ಮನನ ಮಾಡಿಕೊಳ್ಳುವ ಕಾರ್ಯ ನಡೆಯಬೇಕು. ಹೀಗಿದ್ದಾಗ ಮಾತ್ರ ಆರೋಗ್ಯವು ಸದೃಢವಾಗಿರುತ್ತದೆ. ವಿಶ್ರಾಂತಿ ನೀಡದೆ ಓದುವುದರಿಂದ ಮೆದುಳು ದಣಿಯುತ್ತದೆ. ಕಣ್ಣು ನೋವು, ತಲೆನೋವು ಕಾಣಿಸಿಕೊಳ್ಳುತ್ತದೆ. ಹಾಗಾಗಿ ಓದಿನ ನಡುವೆ ವಿರಾಮ ತೆಗೆದುಕೊಳ್ಳುವುದು ಉತ್ತಮ.

ತಾಳ್ಮೆ ಸಮಾಧಾನ ಮುಖ್ಯ: ಪರೀಕ್ಷಾ ಕೊಠಡಿಯಲ್ಲಿ ಗೊಂದಲಕ್ಕೆ ಒಳಗಾಗಬಾರದು. ಗೊತ್ತಿರುವ ಪ್ರಶ್ನೆಗಳನ್ನು ಮೊದಲು ಉತ್ತರಿಸಬೇಕು. ಕೈಬರಹ ಸ್ಪಷ್ಟವಾಗಿರಬೇಕು. ಉತ್ತರ ಬರೆದ ನಂತರ ಪುನಃ ಪರಿಶೀಲಿಸಬೇಕು.

ಸಾಮಾನ್ಯವಾಗಿ ಮನೆಯ ವಾತಾವರಣವೂ ಪರೀಕ್ಷೆಯ ಸಿದ್ಧತೆಯ ಮೇಲೆ ಪರಿಣಾಮ ಬೀರುತ್ತದೆ. ಪೋಷಕರು ಮಕ್ಕಳಿಗೆ ಭಯರಹಿತ ವಾತಾವರಣ ನಿರ್ಮಿಸಬೇಕು. ಹೋಲಿಕೆ ಮಾಡಿ ಕುಗ್ಗಿಸಬಾರದು.

ಪರೀಕ್ಷೆಗೆ ಹತ್ತಿರ ಬಂದಂತೆ ಧ್ಯಾನ, ಯೋಗ, ವ್ಯಾಯಾಮದ ಮೂಲಕ ಮನಸ್ಸನ್ನು ಶಾಂತವಾಗಿಟ್ಟುಕೊಳ್ಳಬೇಕು. ಪರೀಕ್ಷೆಯ ದಿನ ಬೇಗ ಎದ್ದು ಸಮಯಕ್ಕೆ ಸರಿಯಾಗಿ ಪರೀಕ್ಷಾ ಕೇಂದ್ರ ತಲುಪಬೇಕು. ಪ್ರಶ್ನೆಪತ್ರಿಕೆಯನ್ನು ಸಮಾಧಾನದಿಂದ ಓದಿ ಉತ್ತರಿಸಬೇಕು.

ಪರೀಕ್ಷೆಗಳೇ ಇಲ್ಲವಾಗಿದ್ದರೆ ನಾವು ಏನು, ಯಾವ ಹಂತದಲ್ಲಿ ಇದ್ದೇವೆ ಎಂಬುದು ತಿಳಿಯುತ್ತಿರಲಿಲ್ಲ. ಪರೀಕ್ಷೆ ಬದುಕಿನ ಒಂದು ಭಾಗ. ಸಂಭ್ರಮದಿಂದ ಸ್ವಾಗತಿಸೋಣ. ಕಠಿಣ ಪರಿಶ್ರಮ, ಆತ್ಮವಿಶ್ವಾಸದೊಂದಿಗೆ ಪರೀಕ್ಷೆ ಎದುರಿಸಿದರೆ ಯಶಸ್ಸು ಖಚಿತ. ಎಲ್ಲ ವಿದ್ಯಾರ್ಥಿಗಳಿಗೂ ಶುಭವಾಗಲಿ.

ಮಾನಸಿಕ ಆರೋಗ್ಯಕ್ಕೂ ಮೈಸೂರು ಸಂಸ್ಥಾನದ ಕೊಡುಗೆ
-ರಾಜವಂಶಸ್ಥ
ಯದುವೀರ್ ಅಭಿಮತ

ಮೈಸೂರು, ಫೆ.29(ಎಂಕೆ)- 'ನಿಮ್ಹಾನ್ಸ್' ಸ್ಥಾಪನೆ ಮೂಲಕ ಮಾನಸಿಕ ಆರೋಗ್ಯ ಕ್ಷೇತ್ರಕ್ಕೆ ಮೈಸೂರು ಸಂಸ್ಥಾನ ಅಪಾರ ಕೊಡುಗೆ ನೀಡಿದೆ ಎಂದು ರಾಜವಂಶಸ್ಥ ಯದುವೀರ್ ಕೃಷ್ಣದತ್ತ ಚಾಮರಾಜ ಒಡೆಯರ್ ಅಭಿಮತ ವ್ಯಕ್ತಪಡಿಸಿದರು. ನಗರದ ಮೈಸೂರು ಮೆಡಿಕಲ್ ಕಾಲೇಜು ಮತ್ತು ಸಂಶೋಧನಾ ಸಂಸ್ಥೆಯ ಮನೋವೈದ್ಯಕೀಯ ವಿಭಾಗದ ಶತಮಾನೋತ್ಸವದ ಅಂಗವಾಗಿ ಆಯೋಜಿಸಿದ್ದ ವಿಚಾರ ಸಂಕಿರಣವನ್ನು ಉದ್ಘಾಟಿಸಿ ಅವರು ಮಾತನಾಡಿದರು. ಭಾರತದ ದೇಶದಲ್ಲಿಯೇ ಒಂದು ಉತ್ತಮ ಆರೋಗ್ಯ ವ್ಯವಸ್ಥೆಯನ್ನು ರೂಪಿಸುವಲ್ಲಿ ಮೈಸೂರು ಸಂಸ್ಥಾನದ ಪಾತ್ರ ಮಹತ್ವದ್ದು.

ಮೈಸೂರು ಸಂಸ್ಥಾನದ ದೂರದೃಷ್ಟಿಯಿಂದಾಗಿ ಅನೇಕ ಆಸ್ಪತ್ರೆಗಳು, ವೈದ್ಯಕೀಯ ಕಾಲೇಜುಗಳು ಸ್ಥಾಪನೆಯಾದವು. ಮಾನಸಿಕ ಆರೋಗ್ಯದ ಬಗ್ಗೆ ಜಾಗೃತಿ ಮೂಡಿಸುವುದು ಇಂದಿನ ಅಗತ್ಯ. ಮಾನಸಿಕ ಕಾಯಿಲೆಗಳ ಬಗ್ಗೆ ಸಮಾಜದಲ್ಲಿ ಇರುವ ತಪ್ಪು ಕಲ್ಪನೆಗಳನ್ನು ದೂರ ಮಾಡಬೇಕು. ವೈದ್ಯರು, ಸಂಶೋಧಕರು ಈ ನಿಟ್ಟಿನಲ್ಲಿ ಶ್ರಮಿಸಬೇಕು ಎಂದರು.

MYSORE MEDICAL
& RESEARCH INST
MYSURU
PSYCHIAT
100
ನಗರದ ಜೆ.ಕೆ.ಮೈದಾನದಲ್ಲಿರುವ ಎಂಎಂಸಿಆರ್‌ಐ ಮಿಲೇನಿಯಂ ಸಭಾಂಗಣದಲ್ಲಿ ನಡೆದ 4ನೇ ಇಂಡೋ-ಯುರೋಪಿಯನ್ ಸೈಕಿಯಾಟ್ರಿ ಕಾಂಗ್ರೆಸ್ ಅಂತರರಾಷ್ಟ್ರೀಯ ವಿಚಾರ ಸಂಕಿರಣವನ್ನು ರಾಜವಂಶಸ್ಥ ಯದುವೀರ್ ಕೃಷ್ಣದತ್ತ ಚಾಮರಾಜ ಒಡೆಯರ್ ಉದ್ಘಾಟಿಸಿ, ಮಾತನಾಡಿದರು.

ಮೈಸೂರು ಸಂಸ್ಥಾನದ ದೂರದೃಷ್ಟಿಯಿಂದಾಗಿ ಅನೇಕ ಆಸ್ಪತ್ರೆಗಳು, ವೈದ್ಯಕೀಯ ಕಾಲೇಜುಗಳು ಸ್ಥಾಪನೆಯಾದವು. ಮಾನಸಿಕ ಆರೋಗ್ಯದ ಬಗ್ಗೆ ಜಾಗೃತಿ ಮೂಡಿಸುವುದು ಇಂದಿನ ಅಗತ್ಯ. ಮಾನಸಿಕ ಕಾಯಿಲೆಗಳ ಬಗ್ಗೆ ಸಮಾಜದಲ್ಲಿ ಇರುವ ತಪ್ಪು ಕಲ್ಪನೆಗಳನ್ನು ದೂರ ಮಾಡಬೇಕು. ವೈದ್ಯರು, ಸಂಶೋಧಕರು ಈ ನಿಟ್ಟಿನಲ್ಲಿ ಶ್ರಮಿಸಬೇಕು ಎಂದರು.

ಮಾನಸಿಕ ಆರೋಗ್ಯ ಕುರಿತು ಹೆಚ್ಚಿನ ಸಂಶೋಧನೆಗಳು ನಡೆಯಬೇಕು. ಯುವಜನರಲ್ಲಿ ಹೆಚ್ಚುತ್ತಿರುವ ಒತ್ತಡ, ಖಿನ್ನತೆ ನಿವಾರಣೆಗೆ ಕ್ರಮ ಅಗತ್ಯ ಎಂದು ಅಭಿಪ್ರಾಯಪಟ್ಟರು. ಕಾರ್ಯಕ್ರಮದಲ್ಲಿ ಹಿರಿಯ ವೈದ್ಯರು, ವಿದ್ಯಾರ್ಥಿಗಳು ಪಾಲ್ಗೊಂಡಿದ್ದರು.

ಮಾನಸಿಕ ಆರೋಗ್ಯ ಸಮಸ್ಯೆಗಳನ್ನು ಆರಂಭಿಕ ಹಂತದಲ್ಲೇ ಗುರುತಿಸಿ ಚಿಕಿತ್ಸೆ ನೀಡುವುದು ಮುಖ್ಯ. ಕುಟುಂಬದ ಬೆಂಬಲ, ಸಮುದಾಯದ ಸಹಕಾರ ಅಗತ್ಯ ಎಂದು ವೈದ್ಯರು ತಿಳಿಸಿದರು.

ಮಾನಸಿಕ ಆರೋಗ್ಯ ವಿಚಾರ ಸಂಕಿರಣ ಉದ್ಘಾಟನೆ. ಡಾ.ಕೆ.ದೀಪಕ್ ಮಾತನಾಡಿ, ಮೈಸೂರು ಮೆಡಿಕಲ್ ಕಾಲೇಜಿನ ಮನೋವೈದ್ಯಕೀಯ ವಿಭಾಗಕ್ಕೆ ನೂರು ವರ್ಷಗಳ ಇತಿಹಾಸವಿದೆ.

ಬ್ರೇನ್ ಮ್ಯಾಪ್ಸ್ ಬ್ರೇನ್ ಮುಖ್ಯ: ಆಧುನಿಕ ತಂತ್ರಜ್ಞಾನದ ನೆರವಿನಿಂದ ಮೆದುಳಿನ ಕಾರ್ಯವೈಖರಿಯನ್ನು ಅರಿಯುವ ಪ್ರಯತ್ನ ನಡೆಯುತ್ತಿದೆ. ಈ ಸಂದರ್ಭದಲ್ಲಿ ಕಾರ್ಯದರ್ಶಿ ಡಾ.ಬಿ.ಎನ್.ರವೀಶ್, ಕೆ.ಆರ್.ಆಸ್ಪತ್ರೆ ಸ್ಥಾನಿಕ ವೈದ್ಯಾಧಿಕಾರಿ ಡಾ.ದಿನೇಶ್ ಮತ್ತಿತರರು ಉಪಸ್ಥಿತರಿದ್ದರು.

Printed by T.S. Gopinath, Published by M. Govinde Gowda on behalf of Academy Newspapers Private Limited, 15-C Industrial 'A' Layout, Bannimantap, Mysore-570 015 and Printed at Academy Newspapers Private Limited, 15-C Industrial 'A' Layout, Bannimantap, Mysore-570 015 and Published at 15-C Industrial 'A' Layout, Bannimantap, Mysore-570 015, Editor: M. Govinde Gowda Ph: 2496520 / 2496521 / 2496526 / 2496527 / 2496528. Fax: 0821-2496525. CITY OFFICES: Vishweswaraya Building, III Floor, K.R. CIRCLE, MYSORE-570 001, Ph: 2431774 and No. 114, D. DEVARAJ URS ROAD (Opposite Big Bus), MYSORE-570 001. Ph: 2428695. RNI Reg. No. 36581 / 1980 E-mail address: news@mysurumithra.com For advertisements: ad@mysurumithra.com
